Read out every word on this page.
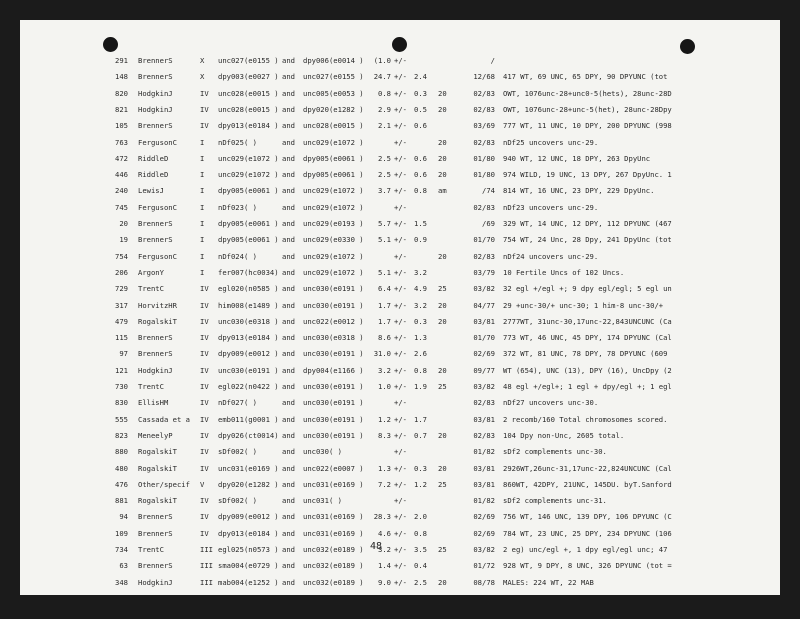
291 BrennerS	X	unc027(e0155 ) and	dpy006(e0014 )	(1.0 +/-	/
148 BrennerS	X	dpy003(e0027 ) and	unc027(e0155 )	24.7 +/- 2.4	12/68 417 WT, 69 UNC, 65 DPY, 90 DPYUNC (tot
820 HodgkinJ	IV	unc028(e0015 ) and	unc005(e0053 )	0.8 +/- 0.3	20	02/83 OWT, 1076unc-28+unc0-5(hets), 28unc-28D
821 HodgkinJ	IV	unc028(e0015 ) and	dpy020(e1282 )	2.9 +/- 0.5	20	02/83 OWT, 1076unc-28+unc-5(het), 28unc-28Dpy
105 BrennerS	IV	dpy013(e0184 ) and	unc028(e0015 )	2.1 +/- 0.6	03/69 777 WT, 11 UNC, 10 DPY, 200 DPYUNC (998
763 FergusonC	I	nDf025( )	and	unc029(e1072 )	+/-	20	02/83 nDf25 uncovers unc-29.
472 RiddleD	I	unc029(e1072 ) and	dpy005(e0061 )	2.5 +/- 0.6	20	01/80 940 WT, 12 UNC, 18 DPY, 263 DpyUnc
446 RiddleD	I	unc029(e1072 ) and	dpy005(e0061 )	2.5 +/- 0.6	20	01/80 974 WILD, 19 UNC, 13 DPY, 267 DpyUnc. 1
240 LewisJ	I	dpy005(e0061 ) and	unc029(e1072 )	3.7 +/- 0.8	am	/74 814 WT, 16 UNC, 23 DPY, 229 DpyUnc.
745 FergusonC	I	nDf023( )	and	unc029(e1072 )	+/-	02/83 nDf23 uncovers unc-29.
20 BrennerS	I	dpy005(e0061 ) and	unc029(e0193 )	5.7 +/- 1.5	/69 329 WT, 14 UNC, 12 DPY, 112 DPYUNC (467
19 BrennerS	I	dpy005(e0061 ) and	unc029(e0330 )	5.1 +/- 0.9	01/70 754 WT, 24 Unc, 28 Dpy, 241 DpyUnc (tot
754 FergusonC	I	nDf024( )	and	unc029(e1072 )	+/-	20	02/83 nDf24 uncovers unc-29.
206 ArgonY	I	fer007(hc0034) and	unc029(e1072 )	5.1 +/- 3.2	03/79 10 Fertile Uncs of 102 Uncs.
729 TrentC	IV	egl020(n0585 ) and	unc030(e0191 )	6.4 +/- 4.9	25	03/82 32 egl +/egl +; 9 dpy egl/egl; 5 egl un
317 HorvitzHR	IV	him008(e1489 ) and	unc030(e0191 )	1.7 +/- 3.2	20	04/77 29 +unc-30/+ unc-30; 1 him-8 unc-30/+
479 RogalskiT	IV	unc030(e0318 ) and	unc022(e0012 )	1.7 +/- 0.3	20	03/81 2777WT, 31unc-30,17unc-22,843UNCUNC (Ca
115 BrennerS	IV	dpy013(e0184 ) and	unc030(e0318 )	8.6 +/- 1.3	01/70 773 WT, 46 UNC, 45 DPY, 174 DPYUNC (Cal
97 BrennerS	IV	dpy009(e0012 ) and	unc030(e0191 )	31.0 +/- 2.6	02/69 372 WT, 81 UNC, 78 DPY, 78 DPYUNC (609
121 HodgkinJ	IV	unc030(e0191 ) and	dpy004(e1166 )	3.2 +/- 0.8	20	09/77 WT (654), UNC (13), DPY (16), UncDpy (2
730 TrentC	IV	egl022(n0422 ) and	unc030(e0191 )	1.0 +/- 1.9	25	03/82 48 egl +/egl+; 1 egl + dpy/egl +; 1 egl
830 EllisHM	IV	nDf027( )	and	unc030(e0191 )	+/-	02/83 nDf27 uncovers unc-30.
555 Cassada et a	IV	emb011(g0001 ) and	unc030(e0191 )	1.2 +/- 1.7	03/81 2 recomb/160 Total chromosomes scored.
823 MeneelyP	IV	dpy026(ct0014) and	unc030(e0191 )	8.3 +/- 0.7	20	02/83 104 Dpy non-Unc, 2605 total.
880 RogalskiT	IV	sDf002( )	and	unc030( )	+/-	01/82 sDf2 complements unc-30.
480 RogalskiT	IV	unc031(e0169 ) and	unc022(e0007 )	1.3 +/- 0.3	20	03/81 2926WT,26unc-31,17unc-22,824UNCUNC (Cal
476 Other/specif	V	dpy020(e1282 ) and	unc031(e0169 )	7.2 +/- 1.2	25	03/81 860WT, 42DPY, 21UNC, 145DU. byT.Sanford
881 RogalskiT	IV	sDf002( )	and	unc031( )	+/-	01/82 sDf2 complements unc-31.
94 BrennerS	IV	dpy009(e0012 ) and	unc031(e0169 )	28.3 +/- 2.0	02/69 756 WT, 146 UNC, 139 DPY, 106 DPYUNC (C
109 BrennerS	IV	dpy013(e0184 ) and	unc031(e0169 )	4.6 +/- 0.8	02/69 784 WT, 23 UNC, 25 DPY, 234 DPYUNC (106
734 TrentC	III egl025(n0573 ) and	unc032(e0189 )	3.2 +/- 3.5	25	03/82 2 eg) unc/egl +, 1 dpy egl/egl unc; 47
63 BrennerS	III sma004(e0729 ) and	unc032(e0189 )	1.4 +/- 0.4	01/72 928 WT, 9 DPY, 8 UNC, 326 DPYUNC (tot =
348 HodgkinJ	III mab004(e1252 ) and	unc032(e0189 )	9.0 +/- 2.5	20	08/78 MALES: 224 WT, 22 MAB
48
